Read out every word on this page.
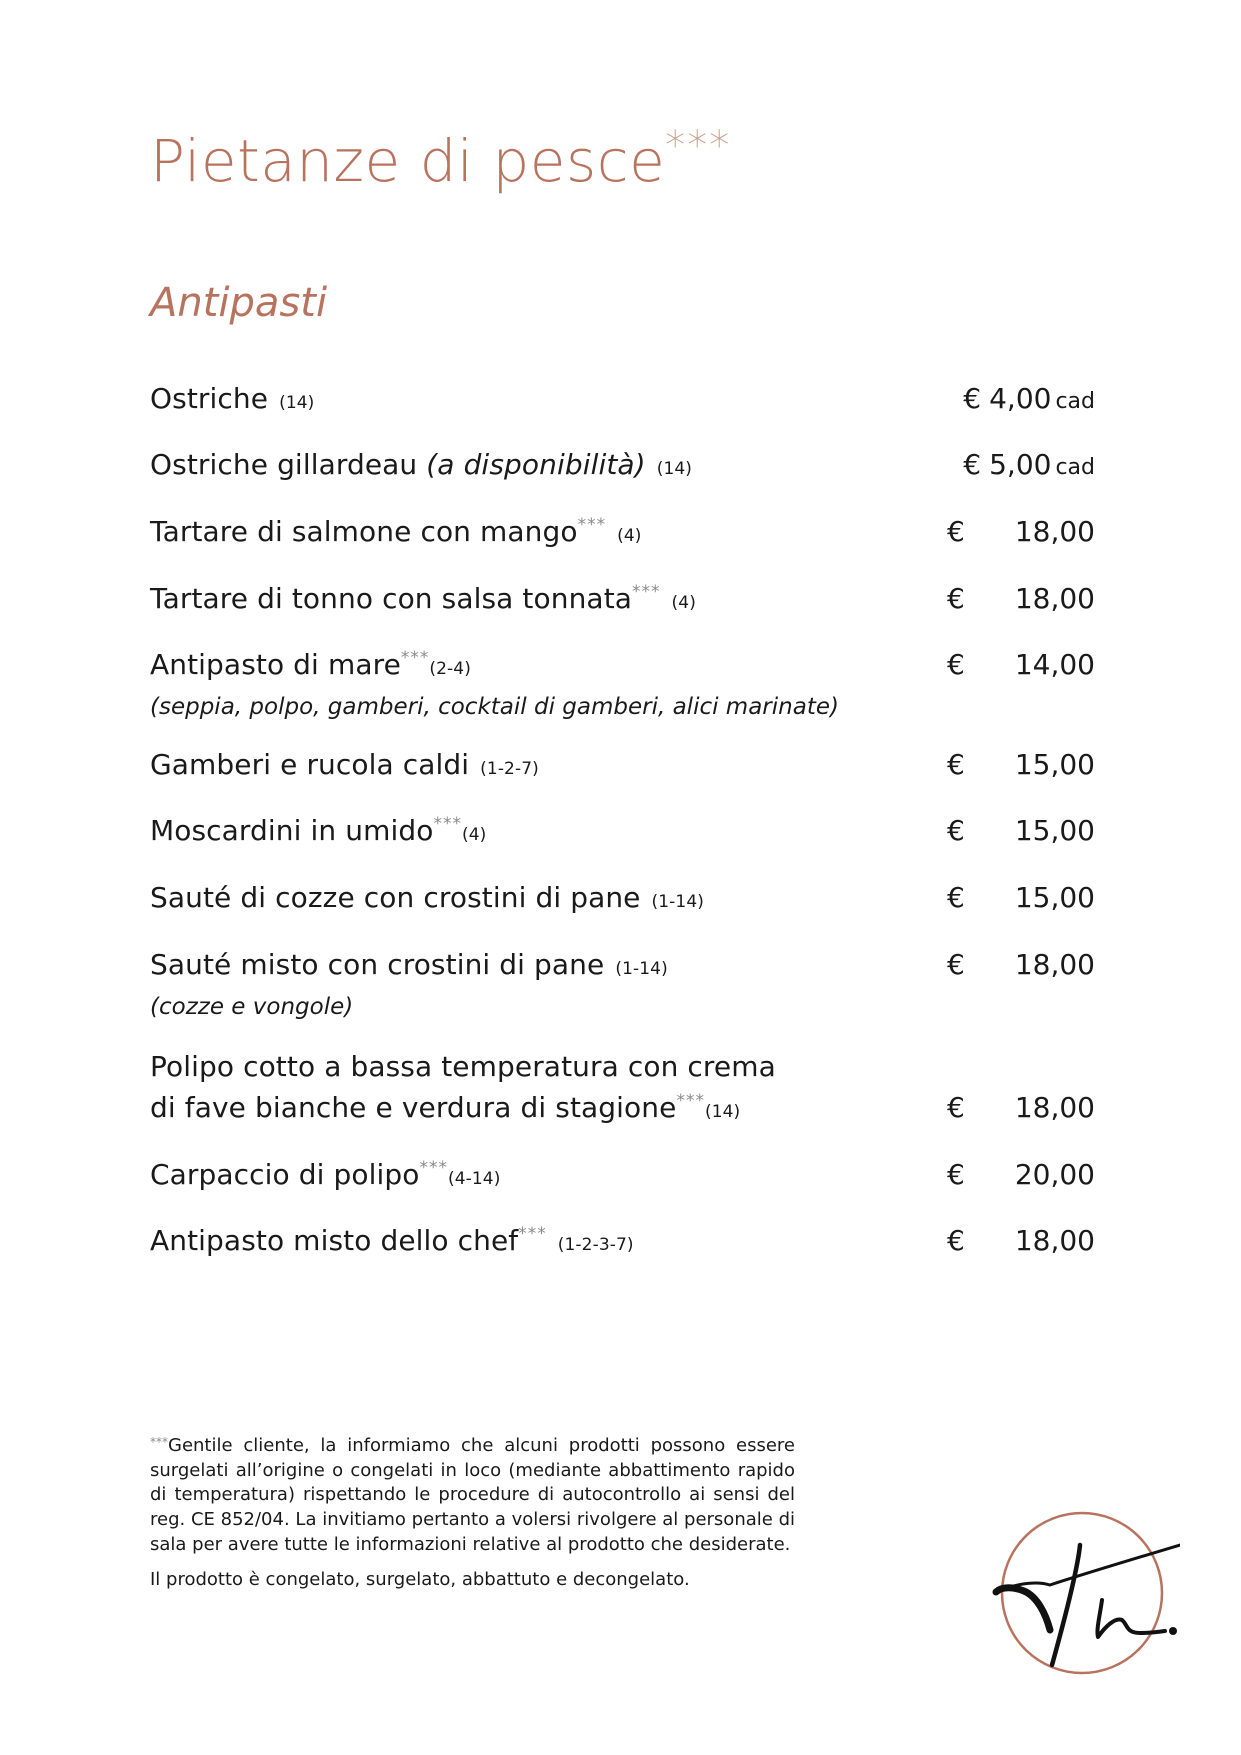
Pietanze di pesce***
Antipasti
Ostriche (14)	€ 4,00 cad
Ostriche gillardeau (a disponibilità) (14)	€ 5,00 cad
Tartare di salmone con mango*** (4)	€ 18,00
Tartare di tonno con salsa tonnata*** (4)	€ 18,00
Antipasto di mare***(2-4)	€ 14,00
(seppia, polpo, gamberi, cocktail di gamberi, alici marinate)
Gamberi e rucola caldi (1-2-7)	€ 15,00
Moscardini in umido***(4)	€ 15,00
Sauté di cozze con crostini di pane (1-14)	€ 15,00
Sauté misto con crostini di pane (1-14)	€ 18,00
(cozze e vongole)
Polipo cotto a bassa temperatura con crema
di fave bianche e verdura di stagione***(14)	€ 18,00
Carpaccio di polipo***(4-14)	€ 20,00
Antipasto misto dello chef*** (1-2-3-7)	€ 18,00

***Gentile cliente, la informiamo che alcuni prodotti possono essere surgelati all’origine o congelati in loco (mediante abbattimento rapido di temperatura) rispettando le procedure di autocontrollo ai sensi del reg. CE 852/04. La invitiamo pertanto a volersi rivolgere al personale di sala per avere tutte le informazioni relative al prodotto che desiderate.

Il prodotto è congelato, surgelato, abbattuto e decongelato.
